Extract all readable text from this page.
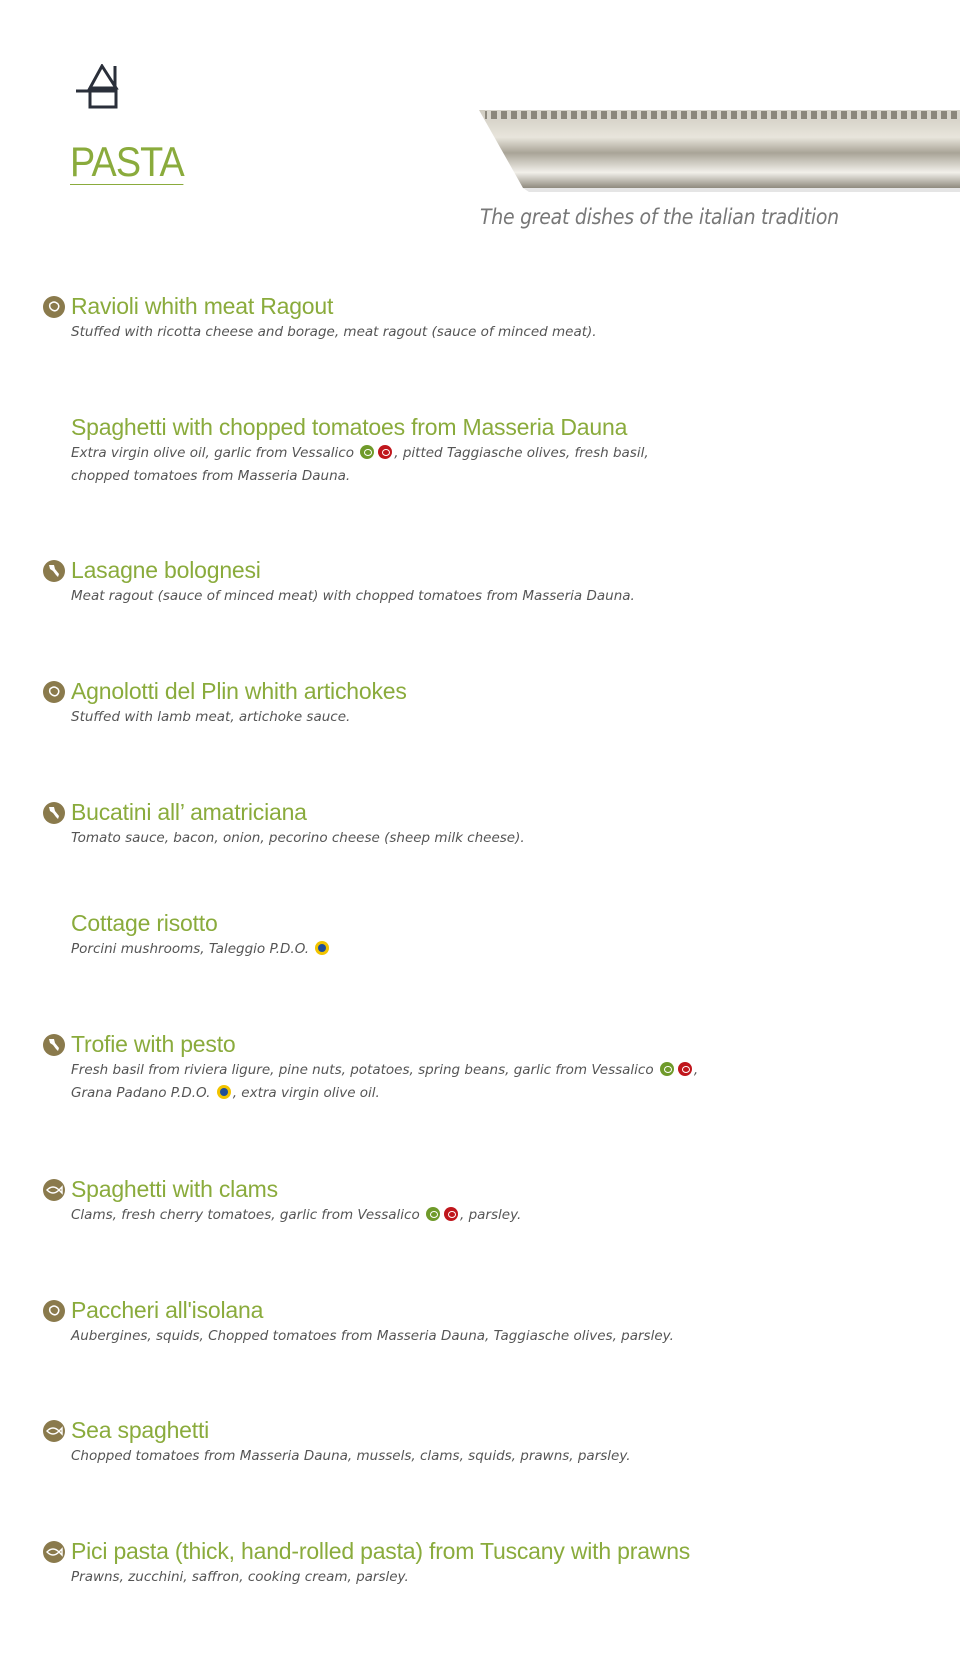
PASTA
The great dishes of the italian tradition
Ravioli whith meat Ragout
Stuffed with ricotta cheese and borage, meat ragout (sauce of minced meat).
Spaghetti with chopped tomatoes from Masseria Dauna
Extra virgin olive oil, garlic from Vessalico	, pitted Taggiasche olives, fresh basil,
chopped tomatoes from Masseria Dauna.
Lasagne bolognesi
Meat ragout (sauce of minced meat) with chopped tomatoes from Masseria Dauna.
Agnolotti del Plin whith artichokes
Stuffed with lamb meat, artichoke sauce.
Bucatini all’ amatriciana
Tomato sauce, bacon, onion, pecorino cheese (sheep milk cheese).
Cottage risotto
Porcini mushrooms, Taleggio P.D.O.
Trofie with pesto
Fresh basil from riviera ligure, pine nuts, potatoes, spring beans, garlic from Vessalico	,
Grana Padano P.D.O. , extra virgin olive oil.
Spaghetti with clams
Clams, fresh cherry tomatoes, garlic from Vessalico	, parsley.
Paccheri all'isolana
Aubergines, squids, Chopped tomatoes from Masseria Dauna, Taggiasche olives, parsley.
Sea spaghetti
Chopped tomatoes from Masseria Dauna, mussels, clams, squids, prawns, parsley.
Pici pasta (thick, hand-rolled pasta) from Tuscany with prawns
Prawns, zucchini, saffron, cooking cream, parsley.
